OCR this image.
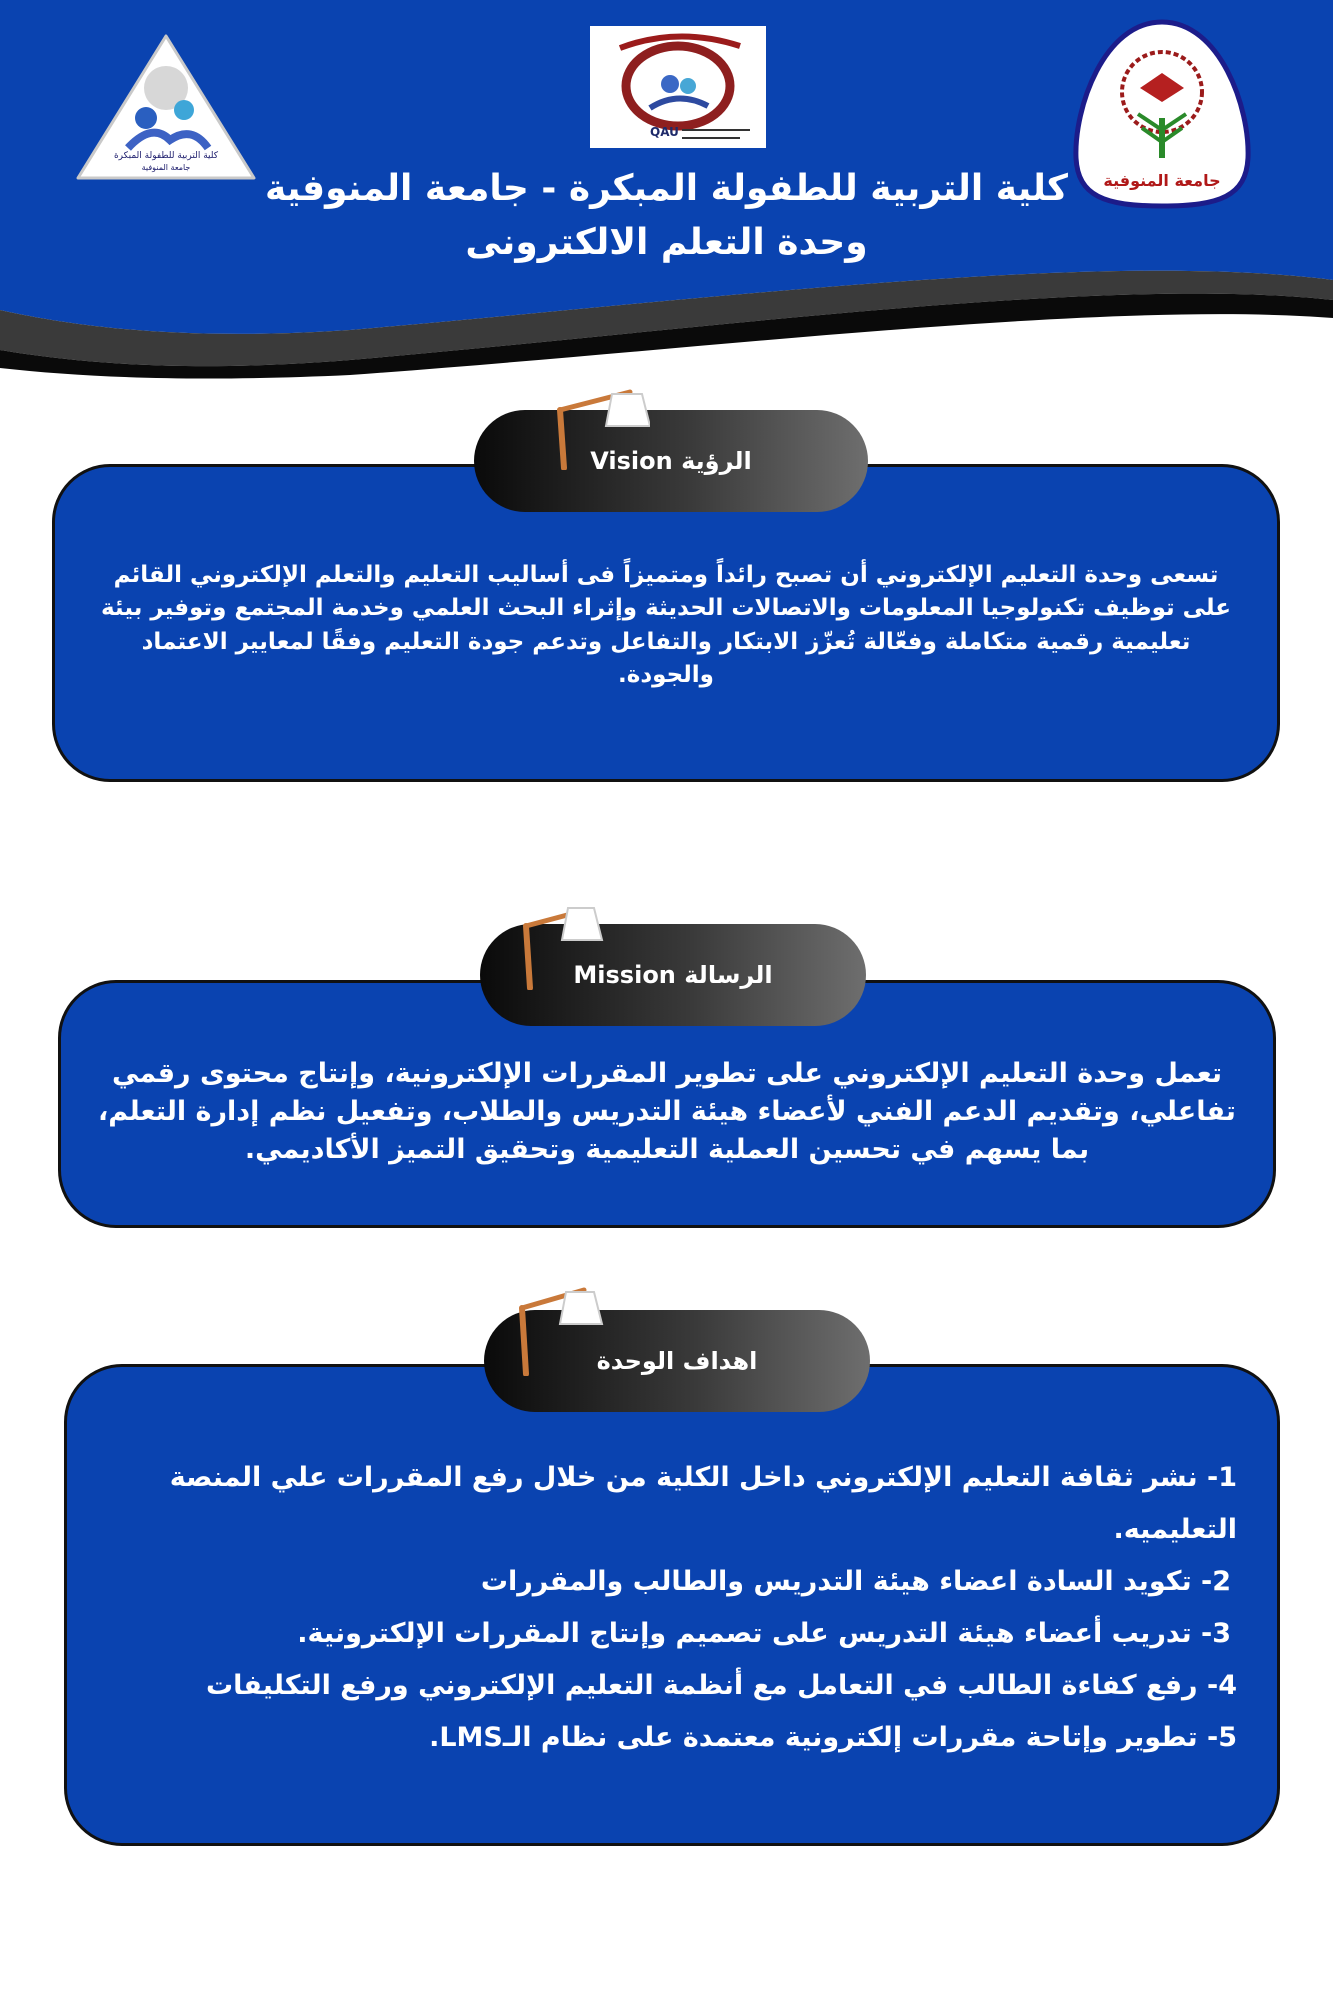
كلية التربية للطفولة المبكرة
جامعة المنوفية
QAU
جامعة المنوفية
كلية التربية للطفولة المبكرة - جامعة المنوفية
وحدة التعلم الالكترونى
تسعى وحدة التعليم الإلكتروني أن تصبح رائداً ومتميزاً فى أساليب التعليم والتعلم الإلكتروني القائم على توظيف تكنولوجيا المعلومات والاتصالات الحديثة وإثراء البحث العلمي وخدمة المجتمع وتوفير بيئة تعليمية رقمية متكاملة وفعّالة تُعزّز الابتكار والتفاعل وتدعم جودة التعليم وفقًا لمعايير الاعتماد والجودة.
الرؤية Vision
تعمل وحدة التعليم الإلكتروني على تطوير المقررات الإلكترونية، وإنتاج محتوى رقمي تفاعلي، وتقديم الدعم الفني لأعضاء هيئة التدريس والطلاب، وتفعيل نظم إدارة التعلم، بما يسهم في تحسين العملية التعليمية وتحقيق التميز الأكاديمي.
الرسالة Mission
1- نشر ثقافة التعليم الإلكتروني داخل الكلية من خلال رفع المقررات علي المنصة التعليميه.
2- تكويد السادة اعضاء هيئة التدريس والطالب والمقررات
3- تدريب أعضاء هيئة التدريس على تصميم وإنتاج المقررات الإلكترونية.
4- رفع كفاءة الطالب في التعامل مع أنظمة التعليم الإلكتروني ورفع التكليفات
5- تطوير وإتاحة مقررات إلكترونية معتمدة على نظام الـLMS.
اهداف الوحدة
